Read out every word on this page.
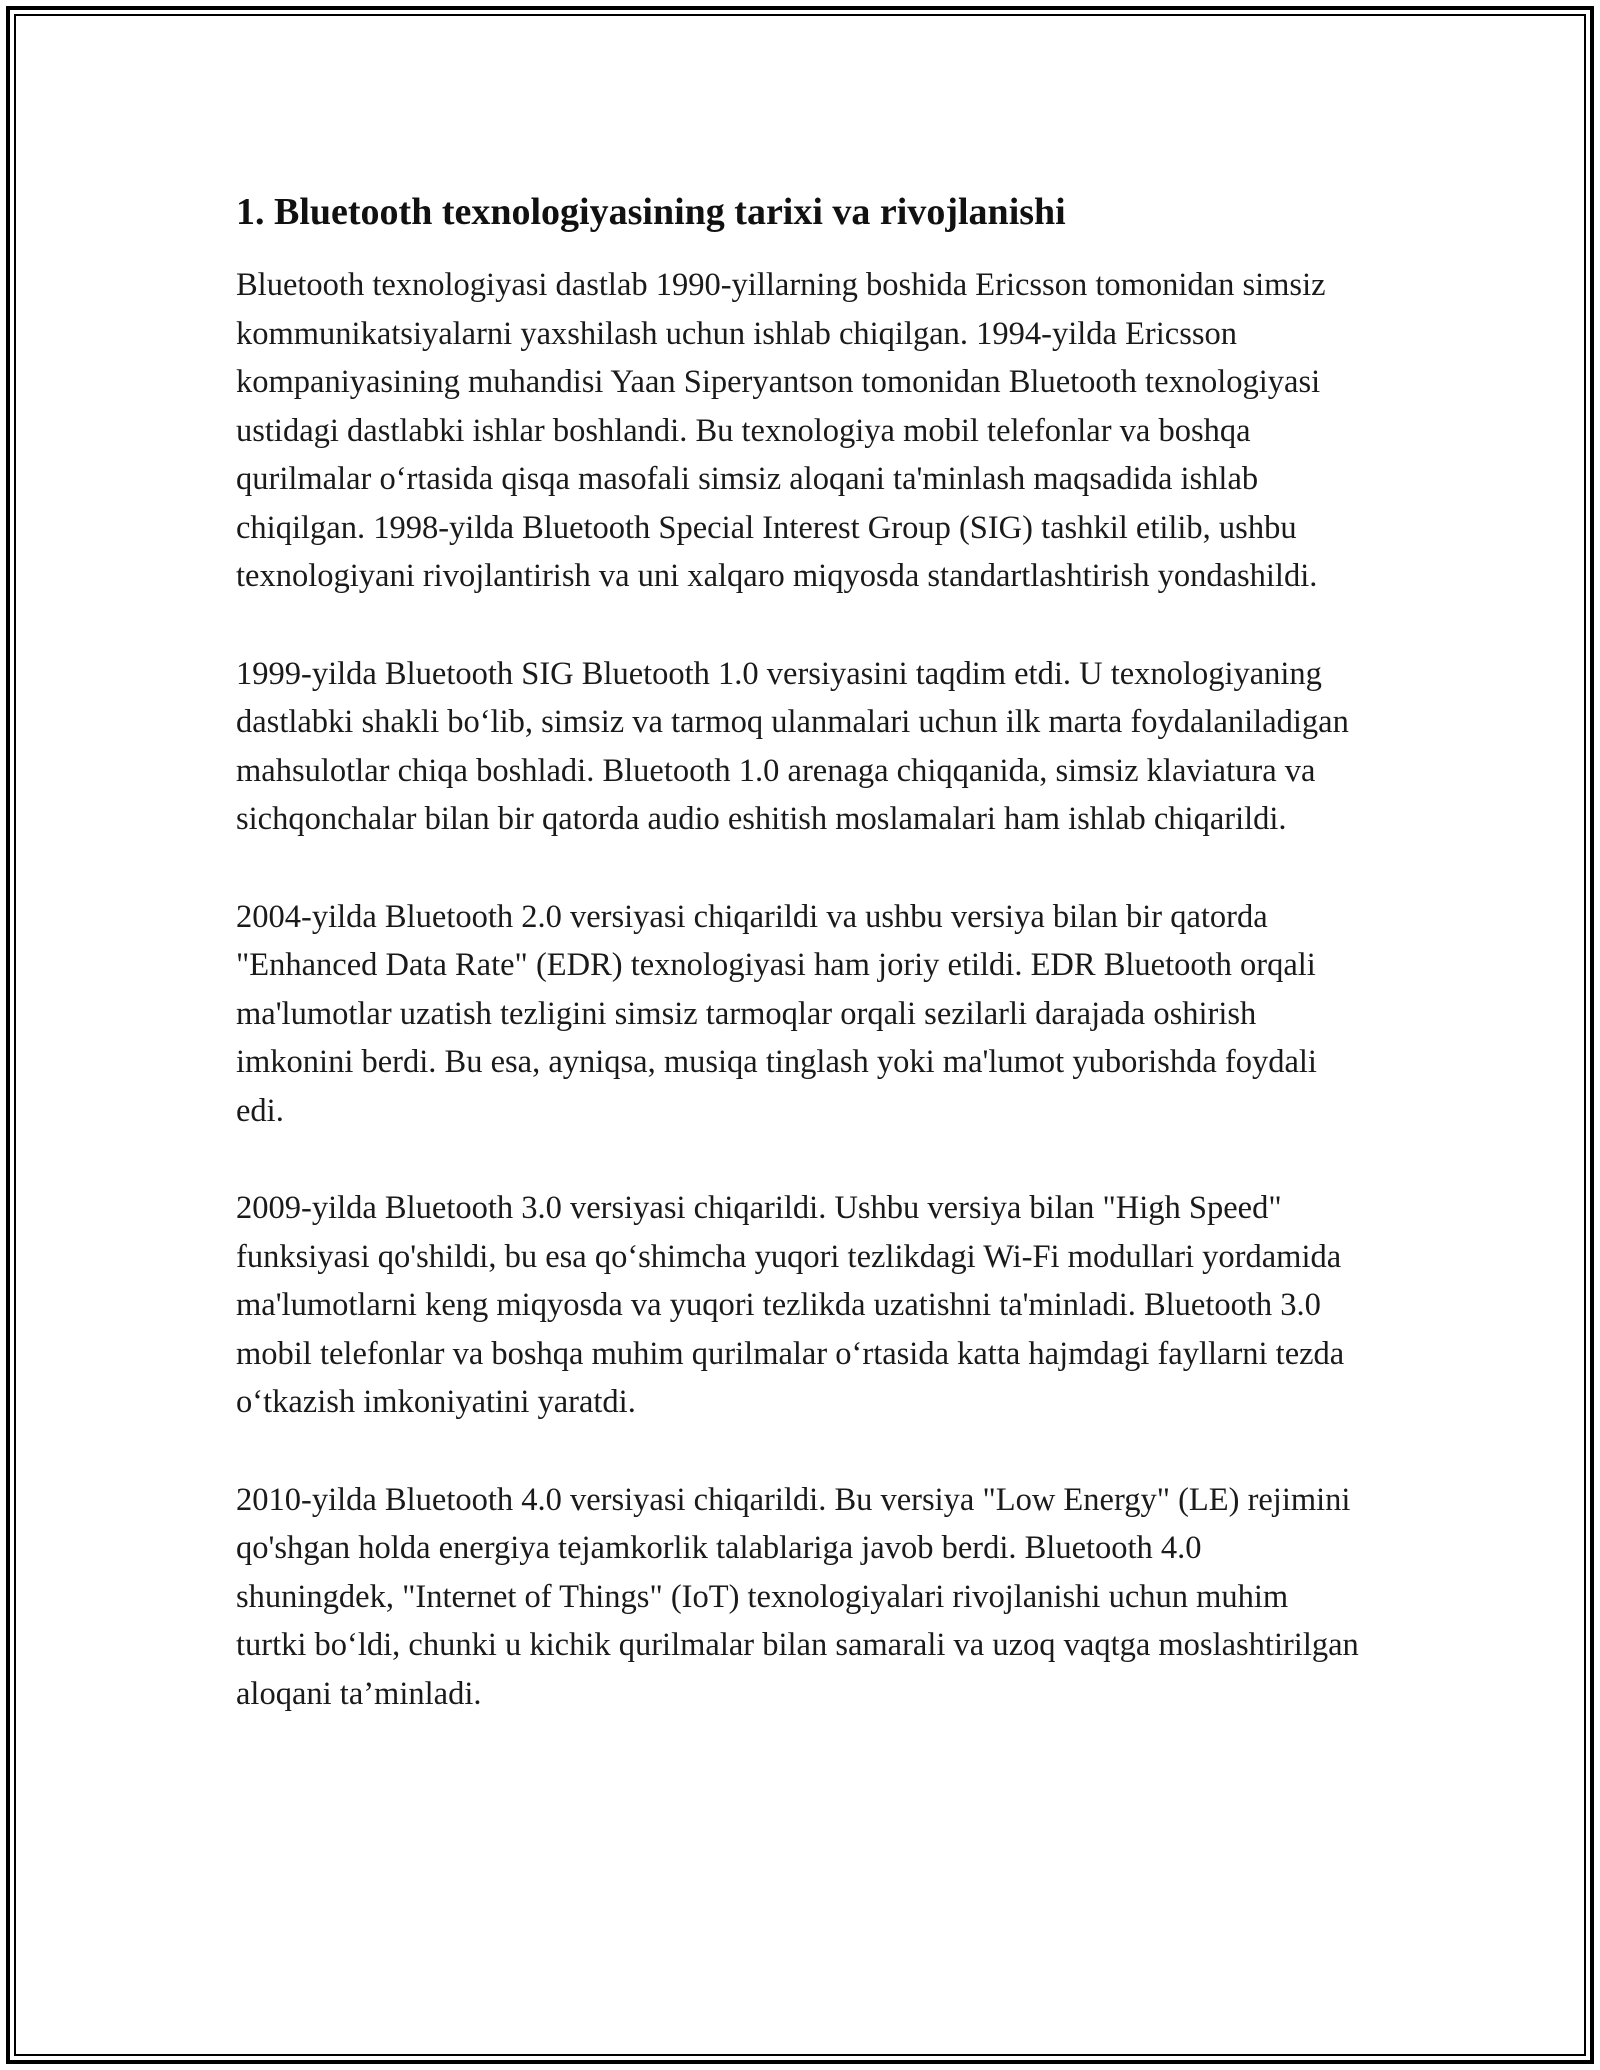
1. Bluetooth texnologiyasining tarixi va rivojlanishi

Bluetooth texnologiyasi dastlab 1990-yillarning boshida Ericsson tomonidan simsiz kommunikatsiyalarni yaxshilash uchun ishlab chiqilgan. 1994-yilda Ericsson kompaniyasining muhandisi Yaan Siperyantson tomonidan Bluetooth texnologiyasi ustidagi dastlabki ishlar boshlandi. Bu texnologiya mobil telefonlar va boshqa qurilmalar o‘rtasida qisqa masofali simsiz aloqani ta'minlash maqsadida ishlab chiqilgan. 1998-yilda Bluetooth Special Interest Group (SIG) tashkil etilib, ushbu texnologiyani rivojlantirish va uni xalqaro miqyosda standartlashtirish yondashildi.

1999-yilda Bluetooth SIG Bluetooth 1.0 versiyasini taqdim etdi. U texnologiyaning dastlabki shakli bo‘lib, simsiz va tarmoq ulanmalari uchun ilk marta foydalaniladigan mahsulotlar chiqa boshladi. Bluetooth 1.0 arenaga chiqqanida, simsiz klaviatura va sichqonchalar bilan bir qatorda audio eshitish moslamalari ham ishlab chiqarildi.

2004-yilda Bluetooth 2.0 versiyasi chiqarildi va ushbu versiya bilan bir qatorda "Enhanced Data Rate" (EDR) texnologiyasi ham joriy etildi. EDR Bluetooth orqali ma'lumotlar uzatish tezligini simsiz tarmoqlar orqali sezilarli darajada oshirish imkonini berdi. Bu esa, ayniqsa, musiqa tinglash yoki ma'lumot yuborishda foydali edi.

2009-yilda Bluetooth 3.0 versiyasi chiqarildi. Ushbu versiya bilan "High Speed" funksiyasi qo'shildi, bu esa qo‘shimcha yuqori tezlikdagi Wi-Fi modullari yordamida ma'lumotlarni keng miqyosda va yuqori tezlikda uzatishni ta'minladi. Bluetooth 3.0 mobil telefonlar va boshqa muhim qurilmalar o‘rtasida katta hajmdagi fayllarni tezda o‘tkazish imkoniyatini yaratdi.

2010-yilda Bluetooth 4.0 versiyasi chiqarildi. Bu versiya "Low Energy" (LE) rejimini qo'shgan holda energiya tejamkorlik talablariga javob berdi. Bluetooth 4.0 shuningdek, "Internet of Things" (IoT) texnologiyalari rivojlanishi uchun muhim turtki bo‘ldi, chunki u kichik qurilmalar bilan samarali va uzoq vaqtga moslashtirilgan aloqani ta’minladi.
